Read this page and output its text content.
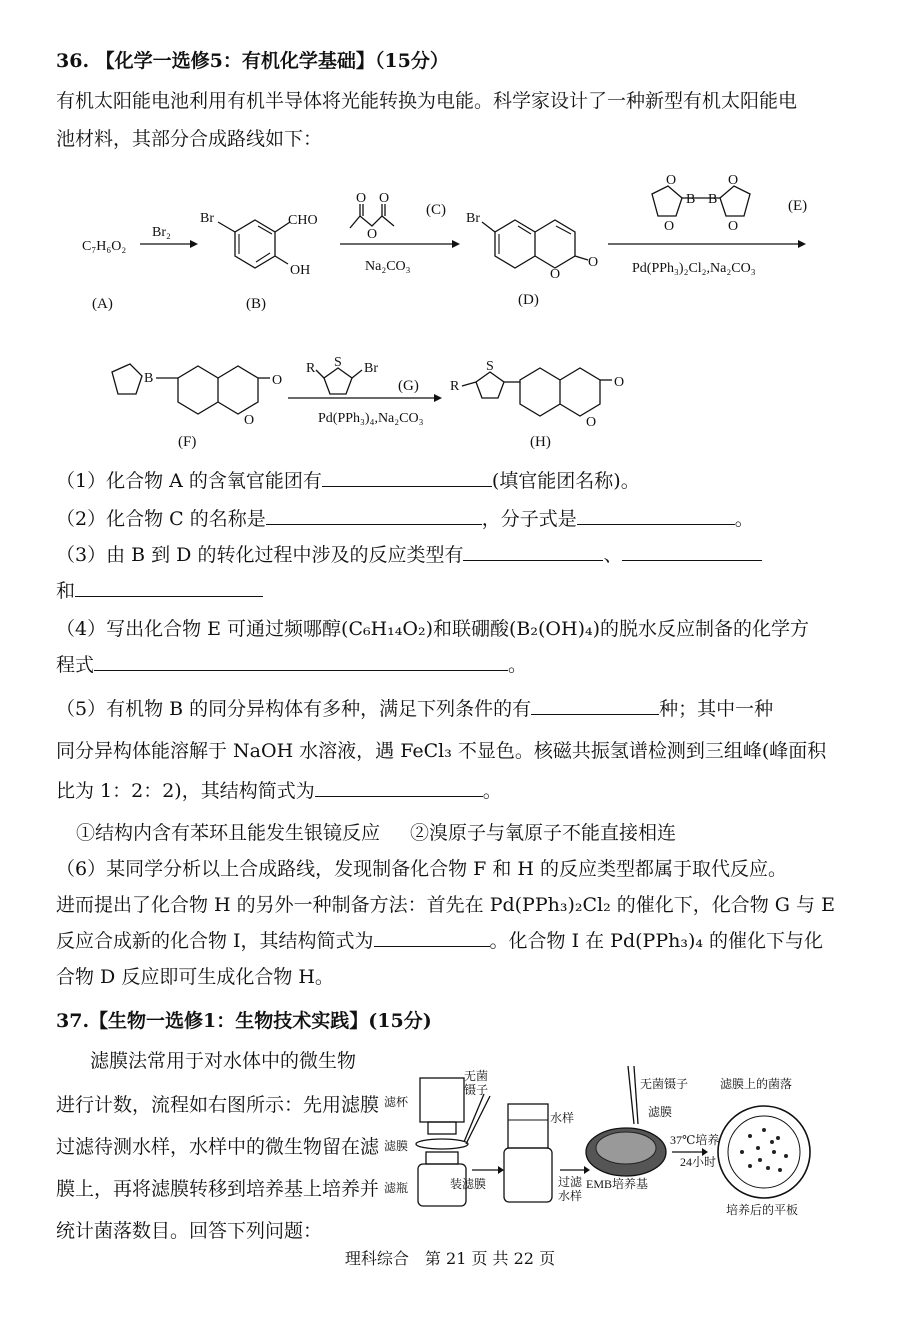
36. 【化学一选修5：有机化学基础】（15分）
有机太阳能电池利用有机半导体将光能转换为电能。科学家设计了一种新型有机太阳能电
池材料，其部分合成路线如下：
C₇H₆O₂
(A)
Br₂
Br	CHO
OH
(B)
O O
O
(C)
Na₂CO₃
Br
O
O
(D)
B B
O
O
O
O
(E)
Pd(PPh₃)₂Cl₂,Na₂CO₃
B	O
O
(F)
S
R	Br
(G)
Pd(PPh₃)₄,Na₂CO₃
R
S
O
O
(H)
（1）化合物 A 的含氧官能团有	(填官能团名称)。
（2）化合物 C 的名称是	，分子式是	。
（3）由 B 到 D 的转化过程中涉及的反应类型有	、
和
（4）写出化合物 E 可通过频哪醇(C₆H₁₄O₂)和联硼酸(B₂(OH)₄)的脱水反应制备的化学方
程式	。
（5）有机物 B 的同分异构体有多种，满足下列条件的有	种；其中一种
同分异构体能溶解于 NaOH 水溶液，遇 FeCl₃ 不显色。核磁共振氢谱检测到三组峰(峰面积
比为 1：2：2)，其结构简式为	。
①结构内含有苯环且能发生银镜反应 ②溴原子与氧原子不能直接相连
（6）某同学分析以上合成路线，发现制备化合物 F 和 H 的反应类型都属于取代反应。
进而提出了化合物 H 的另外一种制备方法：首先在 Pd(PPh₃)₂Cl₂ 的催化下，化合物 G 与 E
反应合成新的化合物 I，其结构简式为	。化合物 I 在 Pd(PPh₃)₄ 的催化下与化
合物 D 反应即可生成化合物 H。
37.【生物一选修1：生物技术实践】(15分)
滤膜法常用于对水体中的微生物
进行计数，流程如右图所示：先用滤膜
过滤待测水样，水样中的微生物留在滤
膜上，再将滤膜转移到培养基上培养并
统计菌落数目。回答下列问题：
滤杯
滤膜
滤瓶
无菌
镊子
装滤膜
水样
过滤
水样
无菌镊子
滤膜
EMB培养基
37℃培养
24小时
滤膜上的菌落
培养后的平板
理科综合　第 21 页 共 22 页
